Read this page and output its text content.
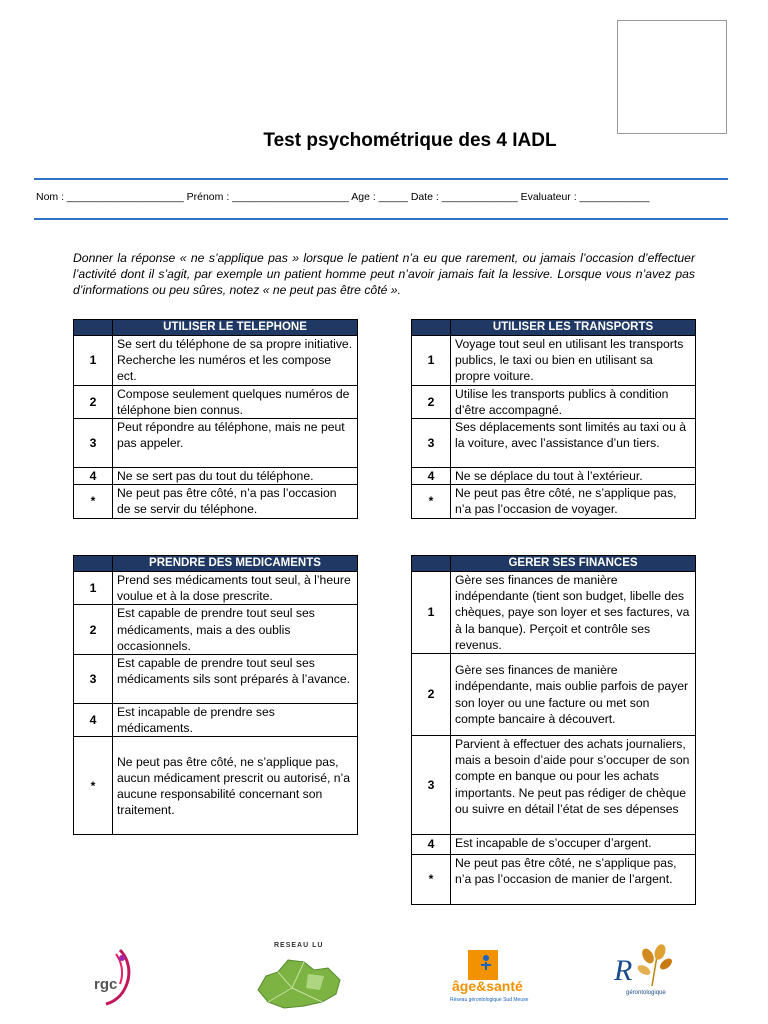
Test psychométrique des 4 IADL
Nom : ____________________ Prénom : ____________________ Age : _____ Date : _____________ Evaluateur : ____________
Donner la réponse « ne s’applique pas » lorsque le patient n’a eu que rarement, ou jamais l’occasion d’effectuer l’activité dont il s’agit, par exemple un patient homme peut n’avoir jamais fait la lessive. Lorsque vous n’avez pas d’informations ou peu sûres, notez « ne peut pas être côté ».
	UTILISER LE TELEPHONE
1	Se sert du téléphone de sa propre initiative. Recherche les numéros et les compose ect.
2	Compose seulement quelques numéros de téléphone bien connus.
3	Peut répondre au téléphone, mais ne peut pas appeler.
4	Ne se sert pas du tout du téléphone.
*	Ne peut pas être côté, n’a pas l’occasion de se servir du téléphone.
	UTILISER LES TRANSPORTS
1	Voyage tout seul en utilisant les transports publics, le taxi ou bien en utilisant sa propre voiture.
2	Utilise les transports publics à condition d’être accompagné.
3	Ses déplacements sont limités au taxi ou à la voiture, avec l’assistance d’un tiers.
4	Ne se déplace du tout à l’extérieur.
*	Ne peut pas être côté, ne s’applique pas, n’a pas l’occasion de voyager.
	PRENDRE DES MEDICAMENTS
1	Prend ses médicaments tout seul, à l’heure voulue et à la dose prescrite.
2	Est capable de prendre tout seul ses médicaments, mais a des oublis occasionnels.
3	Est capable de prendre tout seul ses médicaments sils sont préparés à l’avance.
4	Est incapable de prendre ses médicaments.
*	Ne peut pas être côté, ne s’applique pas, aucun médicament prescrit ou autorisé, n’a aucune responsabilité concernant son traitement.
	GERER SES FINANCES
1	Gère ses finances de manière indépendante (tient son budget, libelle des chèques, paye son loyer et ses factures, va à la banque). Perçoit et contrôle ses revenus.
2	Gère ses finances de manière indépendante, mais oublie parfois de payer son loyer ou une facture ou met son compte bancaire à découvert.
3	Parvient à effectuer des achats journaliers, mais a besoin d’aide pour s’occuper de son compte en banque ou pour les achats importants. Ne peut pas rédiger de chèque ou suivre en détail l’état de ses dépenses
4	Est incapable de s’occuper d’argent.
*	Ne peut pas être côté, ne s’applique pas, n’a pas l’occasion de manier de l’argent.
rgc
RESEAU LU
âge&santé
Réseau gérontologique Sud Meuse
R
gérontologique
